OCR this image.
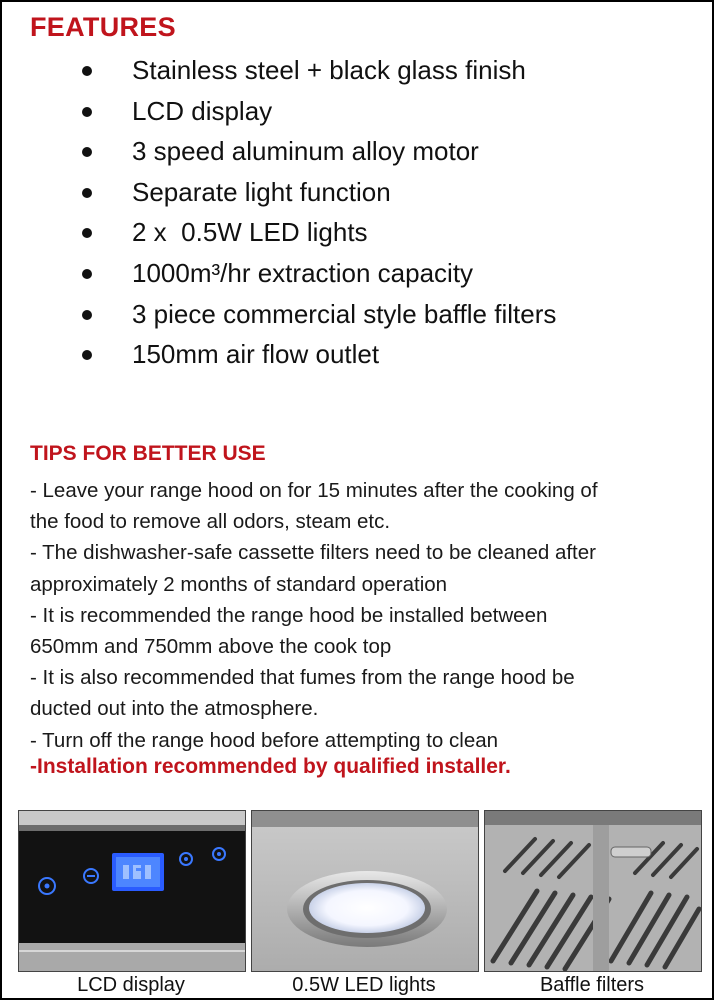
FEATURES
Stainless steel + black glass finish
LCD display
3 speed aluminum alloy motor
Separate light function
2 x  0.5W LED lights
1000m³/hr extraction capacity
3 piece commercial style baffle filters
150mm air flow outlet
TIPS FOR BETTER USE
- Leave your range hood on for 15 minutes after the cooking of
the food to remove all odors, steam etc.
- The dishwasher-safe cassette filters need to be cleaned after
approximately 2 months of standard operation
- It is recommended the range hood be installed between
650mm and 750mm above the cook top
- It is also recommended that fumes from the range hood be
ducted out into the atmosphere.
- Turn off the range hood before attempting to clean
-Installation recommended by qualified installer.
LCD display	0.5W LED lights	Baffle filters
